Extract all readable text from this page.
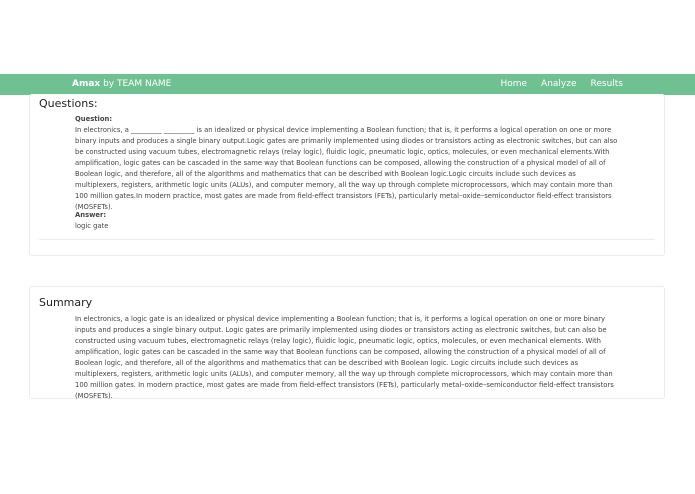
Amax by TEAM NAME	Home Analyze Results
Questions:
Question:

In electronics, a _________ _________ is an idealized or physical device implementing a Boolean function; that is, it performs a logical operation on one or more binary inputs and produces a single binary output.Logic gates are primarily implemented using diodes or transistors acting as electronic switches, but can also be constructed using vacuum tubes, electromagnetic relays (relay logic), fluidic logic, pneumatic logic, optics, molecules, or even mechanical elements.With amplification, logic gates can be cascaded in the same way that Boolean functions can be composed, allowing the construction of a physical model of all of Boolean logic, and therefore, all of the algorithms and mathematics that can be described with Boolean logic.Logic circuits include such devices as multiplexers, registers, arithmetic logic units (ALUs), and computer memory, all the way up through complete microprocessors, which may contain more than 100 million gates.In modern practice, most gates are made from field-effect transistors (FETs), particularly metal–oxide–semiconductor field-effect transistors (MOSFETs).

Answer:
logic gate
Summary

In electronics, a logic gate is an idealized or physical device implementing a Boolean function; that is, it performs a logical operation on one or more binary inputs and produces a single binary output. Logic gates are primarily implemented using diodes or transistors acting as electronic switches, but can also be constructed using vacuum tubes, electromagnetic relays (relay logic), fluidic logic, pneumatic logic, optics, molecules, or even mechanical elements. With amplification, logic gates can be cascaded in the same way that Boolean functions can be composed, allowing the construction of a physical model of all of Boolean logic, and therefore, all of the algorithms and mathematics that can be described with Boolean logic. Logic circuits include such devices as multiplexers, registers, arithmetic logic units (ALUs), and computer memory, all the way up through complete microprocessors, which may contain more than 100 million gates. In modern practice, most gates are made from field-effect transistors (FETs), particularly metal–oxide–semiconductor field-effect transistors (MOSFETs).
